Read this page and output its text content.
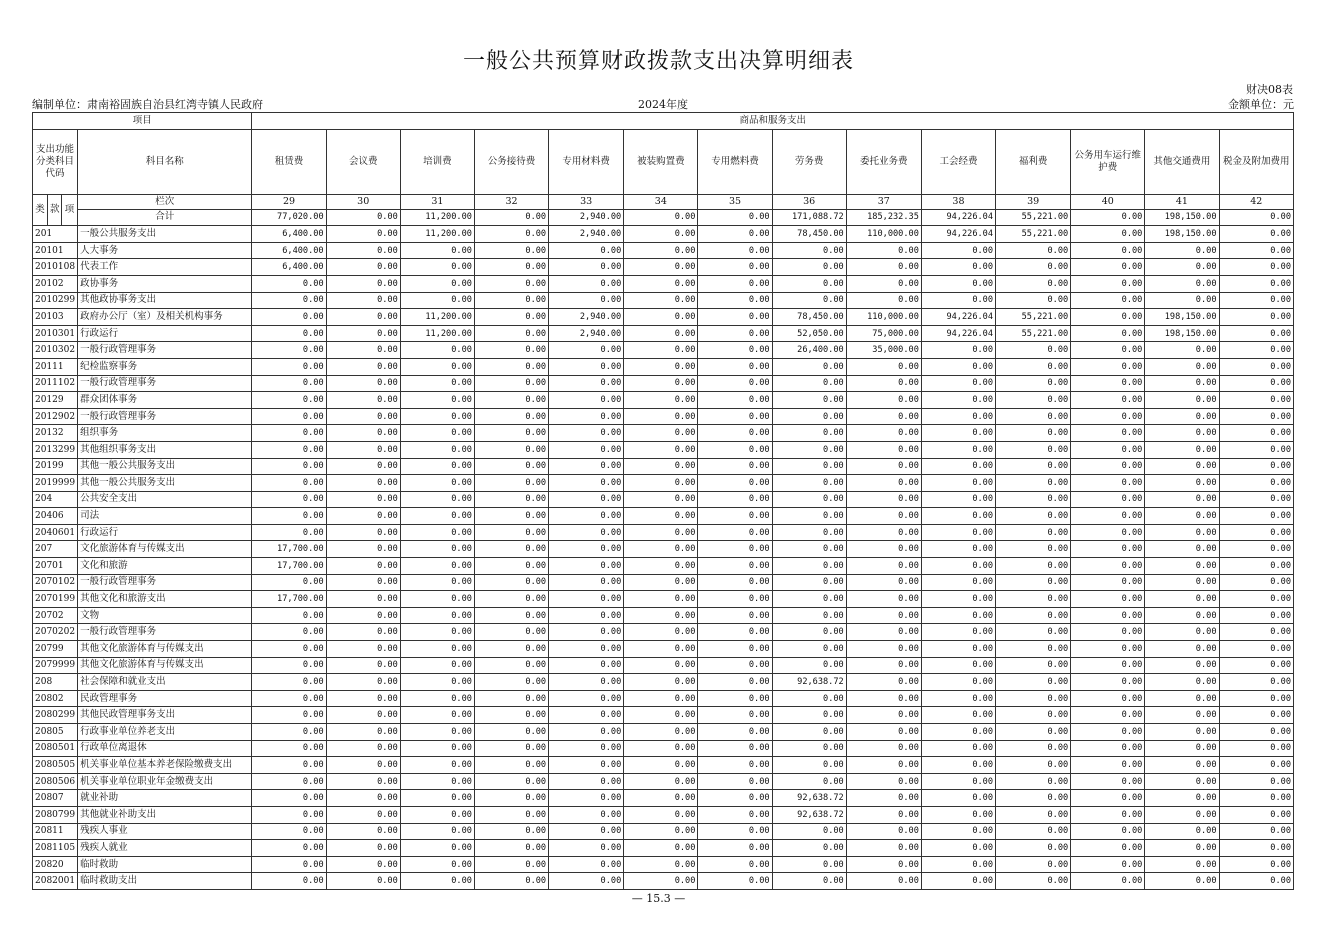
一般公共预算财政拨款支出决算明细表
财决08表
编制单位：肃南裕固族自治县红湾寺镇人民政府	2024年度	金额单位：元
项目				商品和服务支出													
支出功能分类科目代码			科目名称	租赁费	会议费	培训费	公务接待费	专用材料费	被装购置费	专用燃料费	劳务费	委托业务费	工会经费	福利费	公务用车运行维护费	其他交通费用	税金及附加费用
类	款	项	栏次	29	30	31	32	33	34	35	36	37	38	39	40	41	42
			合计	77,020.00	0.00	11,200.00	0.00	2,940.00	0.00	0.00	171,088.72	185,232.35	94,226.04	55,221.00	0.00	198,150.00	0.00
201			一般公共服务支出	6,400.00	0.00	11,200.00	0.00	2,940.00	0.00	0.00	78,450.00	110,000.00	94,226.04	55,221.00	0.00	198,150.00	0.00
20101			人大事务	6,400.00	0.00	0.00	0.00	0.00	0.00	0.00	0.00	0.00	0.00	0.00	0.00	0.00	0.00
2010108			代表工作	6,400.00	0.00	0.00	0.00	0.00	0.00	0.00	0.00	0.00	0.00	0.00	0.00	0.00	0.00
20102			政协事务	0.00	0.00	0.00	0.00	0.00	0.00	0.00	0.00	0.00	0.00	0.00	0.00	0.00	0.00
2010299			其他政协事务支出	0.00	0.00	0.00	0.00	0.00	0.00	0.00	0.00	0.00	0.00	0.00	0.00	0.00	0.00
20103			政府办公厅（室）及相关机构事务	0.00	0.00	11,200.00	0.00	2,940.00	0.00	0.00	78,450.00	110,000.00	94,226.04	55,221.00	0.00	198,150.00	0.00
2010301			行政运行	0.00	0.00	11,200.00	0.00	2,940.00	0.00	0.00	52,050.00	75,000.00	94,226.04	55,221.00	0.00	198,150.00	0.00
2010302			一般行政管理事务	0.00	0.00	0.00	0.00	0.00	0.00	0.00	26,400.00	35,000.00	0.00	0.00	0.00	0.00	0.00
20111			纪检监察事务	0.00	0.00	0.00	0.00	0.00	0.00	0.00	0.00	0.00	0.00	0.00	0.00	0.00	0.00
2011102			一般行政管理事务	0.00	0.00	0.00	0.00	0.00	0.00	0.00	0.00	0.00	0.00	0.00	0.00	0.00	0.00
20129			群众团体事务	0.00	0.00	0.00	0.00	0.00	0.00	0.00	0.00	0.00	0.00	0.00	0.00	0.00	0.00
2012902			一般行政管理事务	0.00	0.00	0.00	0.00	0.00	0.00	0.00	0.00	0.00	0.00	0.00	0.00	0.00	0.00
20132			组织事务	0.00	0.00	0.00	0.00	0.00	0.00	0.00	0.00	0.00	0.00	0.00	0.00	0.00	0.00
2013299			其他组织事务支出	0.00	0.00	0.00	0.00	0.00	0.00	0.00	0.00	0.00	0.00	0.00	0.00	0.00	0.00
20199			其他一般公共服务支出	0.00	0.00	0.00	0.00	0.00	0.00	0.00	0.00	0.00	0.00	0.00	0.00	0.00	0.00
2019999			其他一般公共服务支出	0.00	0.00	0.00	0.00	0.00	0.00	0.00	0.00	0.00	0.00	0.00	0.00	0.00	0.00
204			公共安全支出	0.00	0.00	0.00	0.00	0.00	0.00	0.00	0.00	0.00	0.00	0.00	0.00	0.00	0.00
20406			司法	0.00	0.00	0.00	0.00	0.00	0.00	0.00	0.00	0.00	0.00	0.00	0.00	0.00	0.00
2040601			行政运行	0.00	0.00	0.00	0.00	0.00	0.00	0.00	0.00	0.00	0.00	0.00	0.00	0.00	0.00
207			文化旅游体育与传媒支出	17,700.00	0.00	0.00	0.00	0.00	0.00	0.00	0.00	0.00	0.00	0.00	0.00	0.00	0.00
20701			文化和旅游	17,700.00	0.00	0.00	0.00	0.00	0.00	0.00	0.00	0.00	0.00	0.00	0.00	0.00	0.00
2070102			一般行政管理事务	0.00	0.00	0.00	0.00	0.00	0.00	0.00	0.00	0.00	0.00	0.00	0.00	0.00	0.00
2070199			其他文化和旅游支出	17,700.00	0.00	0.00	0.00	0.00	0.00	0.00	0.00	0.00	0.00	0.00	0.00	0.00	0.00
20702			文物	0.00	0.00	0.00	0.00	0.00	0.00	0.00	0.00	0.00	0.00	0.00	0.00	0.00	0.00
2070202			一般行政管理事务	0.00	0.00	0.00	0.00	0.00	0.00	0.00	0.00	0.00	0.00	0.00	0.00	0.00	0.00
20799			其他文化旅游体育与传媒支出	0.00	0.00	0.00	0.00	0.00	0.00	0.00	0.00	0.00	0.00	0.00	0.00	0.00	0.00
2079999			其他文化旅游体育与传媒支出	0.00	0.00	0.00	0.00	0.00	0.00	0.00	0.00	0.00	0.00	0.00	0.00	0.00	0.00
208			社会保障和就业支出	0.00	0.00	0.00	0.00	0.00	0.00	0.00	92,638.72	0.00	0.00	0.00	0.00	0.00	0.00
20802			民政管理事务	0.00	0.00	0.00	0.00	0.00	0.00	0.00	0.00	0.00	0.00	0.00	0.00	0.00	0.00
2080299			其他民政管理事务支出	0.00	0.00	0.00	0.00	0.00	0.00	0.00	0.00	0.00	0.00	0.00	0.00	0.00	0.00
20805			行政事业单位养老支出	0.00	0.00	0.00	0.00	0.00	0.00	0.00	0.00	0.00	0.00	0.00	0.00	0.00	0.00
2080501			行政单位离退休	0.00	0.00	0.00	0.00	0.00	0.00	0.00	0.00	0.00	0.00	0.00	0.00	0.00	0.00
2080505			机关事业单位基本养老保险缴费支出	0.00	0.00	0.00	0.00	0.00	0.00	0.00	0.00	0.00	0.00	0.00	0.00	0.00	0.00
2080506			机关事业单位职业年金缴费支出	0.00	0.00	0.00	0.00	0.00	0.00	0.00	0.00	0.00	0.00	0.00	0.00	0.00	0.00
20807			就业补助	0.00	0.00	0.00	0.00	0.00	0.00	0.00	92,638.72	0.00	0.00	0.00	0.00	0.00	0.00
2080799			其他就业补助支出	0.00	0.00	0.00	0.00	0.00	0.00	0.00	92,638.72	0.00	0.00	0.00	0.00	0.00	0.00
20811			残疾人事业	0.00	0.00	0.00	0.00	0.00	0.00	0.00	0.00	0.00	0.00	0.00	0.00	0.00	0.00
2081105			残疾人就业	0.00	0.00	0.00	0.00	0.00	0.00	0.00	0.00	0.00	0.00	0.00	0.00	0.00	0.00
20820			临时救助	0.00	0.00	0.00	0.00	0.00	0.00	0.00	0.00	0.00	0.00	0.00	0.00	0.00	0.00
2082001			临时救助支出	0.00	0.00	0.00	0.00	0.00	0.00	0.00	0.00	0.00	0.00	0.00	0.00	0.00	0.00
— 15.3 —
